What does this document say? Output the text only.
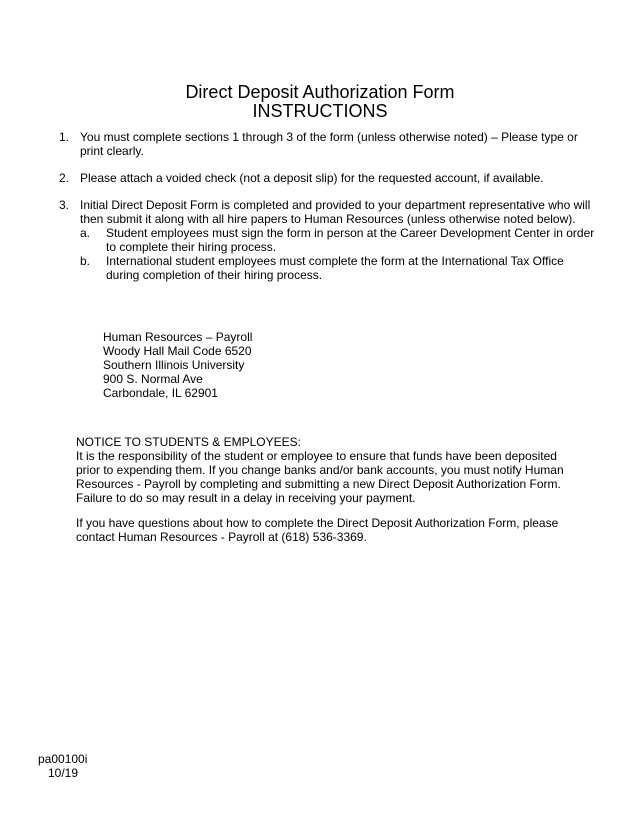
Direct Deposit Authorization Form
INSTRUCTIONS
1. You must complete sections 1 through 3 of the form (unless otherwise noted) – Please type or print clearly.
2. Please attach a voided check (not a deposit slip) for the requested account, if available.
3. Initial Direct Deposit Form is completed and provided to your department representative who will then submit it along with all hire papers to Human Resources (unless otherwise noted below).
a. Student employees must sign the form in person at the Career Development Center in order to complete their hiring process.
b. International student employees must complete the form at the International Tax Office during completion of their hiring process.
Human Resources – Payroll
Woody Hall Mail Code 6520
Southern Illinois University
900 S. Normal Ave
Carbondale, IL 62901

NOTICE TO STUDENTS & EMPLOYEES:

It is the responsibility of the student or employee to ensure that funds have been deposited prior to expending them. If you change banks and/or bank accounts, you must notify Human Resources - Payroll by completing and submitting a new Direct Deposit Authorization Form. Failure to do so may result in a delay in receiving your payment.

If you have questions about how to complete the Direct Deposit Authorization Form, please contact Human Resources - Payroll at (618) 536-3369.

pa00100i
10/19
